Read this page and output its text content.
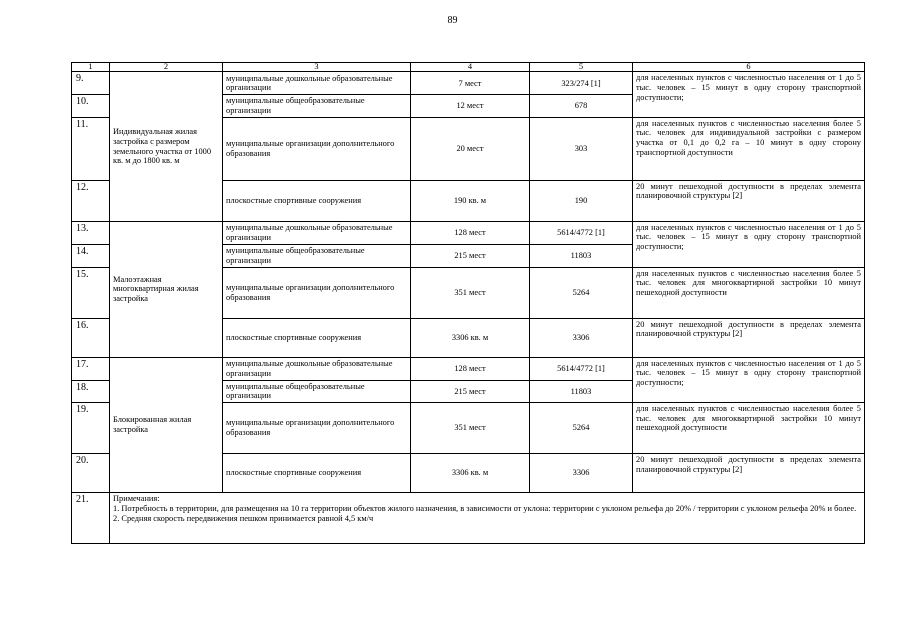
89
1	2	3	4	5	6
9.	Индивидуальная жилая застройка с размером земельного участка от 1000 кв. м до 1800 кв. м	муниципальные дошкольные образовательные организации	7 мест	323/274 [1]	для населенных пунктов с численностью населения от 1 до 5 тыс. человек – 15 минут в одну сторону транспортной доступности;
10.		муниципальные общеобразовательные организации	12 мест	678	
11.		муниципальные организации дополнительного образования	20 мест	303	для населенных пунктов с численностью населения более 5 тыс. человек для индивидуальной застройки с размером участка от 0,1 до 0,2 га – 10 минут в одну сторону транспортной доступности
12.		плоскостные спортивные сооружения	190 кв. м	190	20 минут пешеходной доступности в пределах элемента планировочной структуры [2]
13.	Малоэтажная многоквартирная жилая застройка	муниципальные дошкольные образовательные организации	128 мест	5614/4772 [1]	для населенных пунктов с численностью населения от 1 до 5 тыс. человек – 15 минут в одну сторону транспортной доступности;
14.		муниципальные общеобразовательные организации	215 мест	11803	
15.		муниципальные организации дополнительного образования	351 мест	5264	для населенных пунктов с численностью населения более 5 тыс. человек для многоквартирной застройки 10 минут пешеходной доступности
16.		плоскостные спортивные сооружения	3306 кв. м	3306	20 минут пешеходной доступности в пределах элемента планировочной структуры [2]
17.	Блокированная жилая застройка	муниципальные дошкольные образовательные организации	128 мест	5614/4772 [1]	для населенных пунктов с численностью населения от 1 до 5 тыс. человек – 15 минут в одну сторону транспортной доступности;
18.		муниципальные общеобразовательные организации	215 мест	11803	
19.		муниципальные организации дополнительного образования	351 мест	5264	для населенных пунктов с численностью населения более 5 тыс. человек для многоквартирной застройки 10 минут пешеходной доступности
20.		плоскостные спортивные сооружения	3306 кв. м	3306	20 минут пешеходной доступности в пределах элемента планировочной структуры [2]
21.	Примечания:
1. Потребность в территории, для размещения на 10 га территории объектов жилого назначения, в зависимости от уклона: территории с уклоном рельефа до 20% / территории с уклоном рельефа 20% и более.
2. Средняя скорость передвижения пешком принимается равной 4,5 км/ч				
